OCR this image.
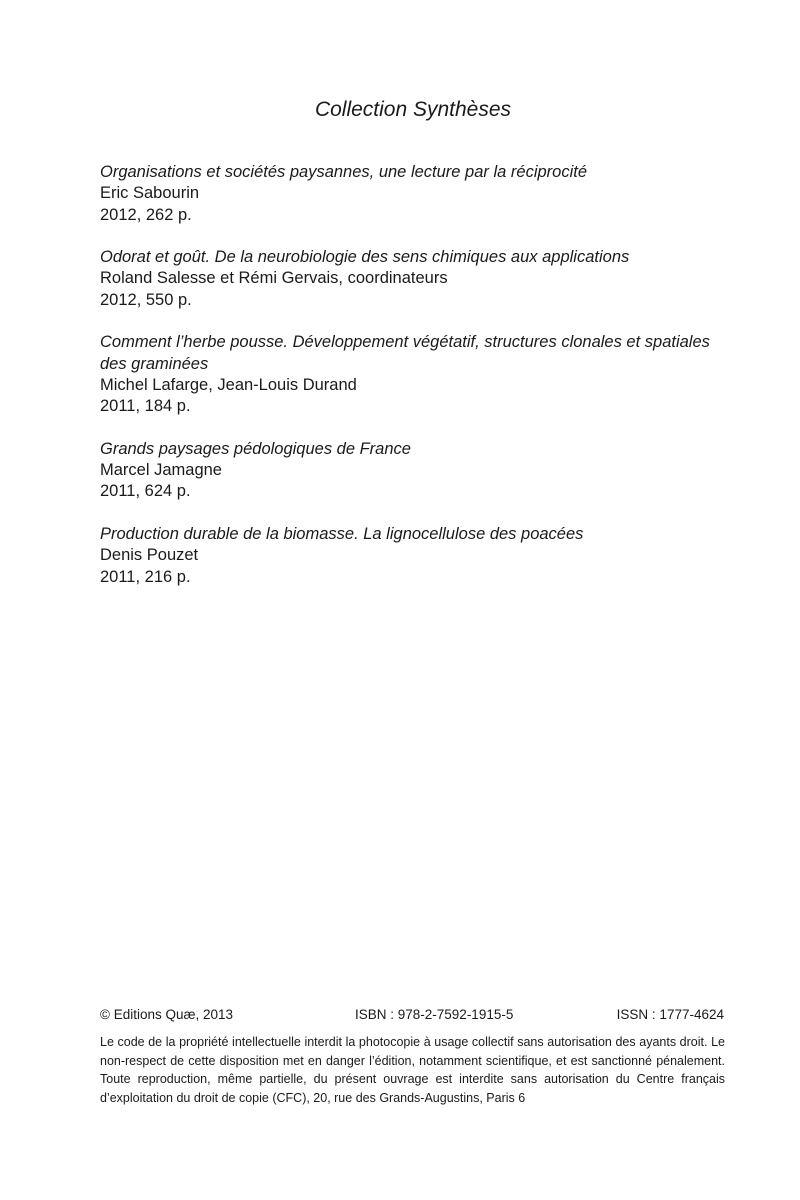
Collection Synthèses
Organisations et sociétés paysannes, une lecture par la réciprocité
Eric Sabourin
2012, 262 p.
Odorat et goût. De la neurobiologie des sens chimiques aux applications
Roland Salesse et Rémi Gervais, coordinateurs
2012, 550 p.
Comment l’herbe pousse. Développement végétatif, structures clonales et spatiales des graminées
Michel Lafarge, Jean-Louis Durand
2011, 184 p.
Grands paysages pédologiques de France
Marcel Jamagne
2011, 624 p.
Production durable de la biomasse. La lignocellulose des poacées
Denis Pouzet
2011, 216 p.
© Editions Quæ, 2013	ISBN : 978-2-7592-1915-5	ISSN : 1777-4624
Le code de la propriété intellectuelle interdit la photocopie à usage collectif sans autorisation des ayants droit. Le non-respect de cette disposition met en danger l’édition, notamment scientifique, et est sanctionné pénalement. Toute reproduction, même partielle, du présent ouvrage est interdite sans autorisation du Centre français d’exploitation du droit de copie (CFC), 20, rue des Grands-Augustins, Paris 6
